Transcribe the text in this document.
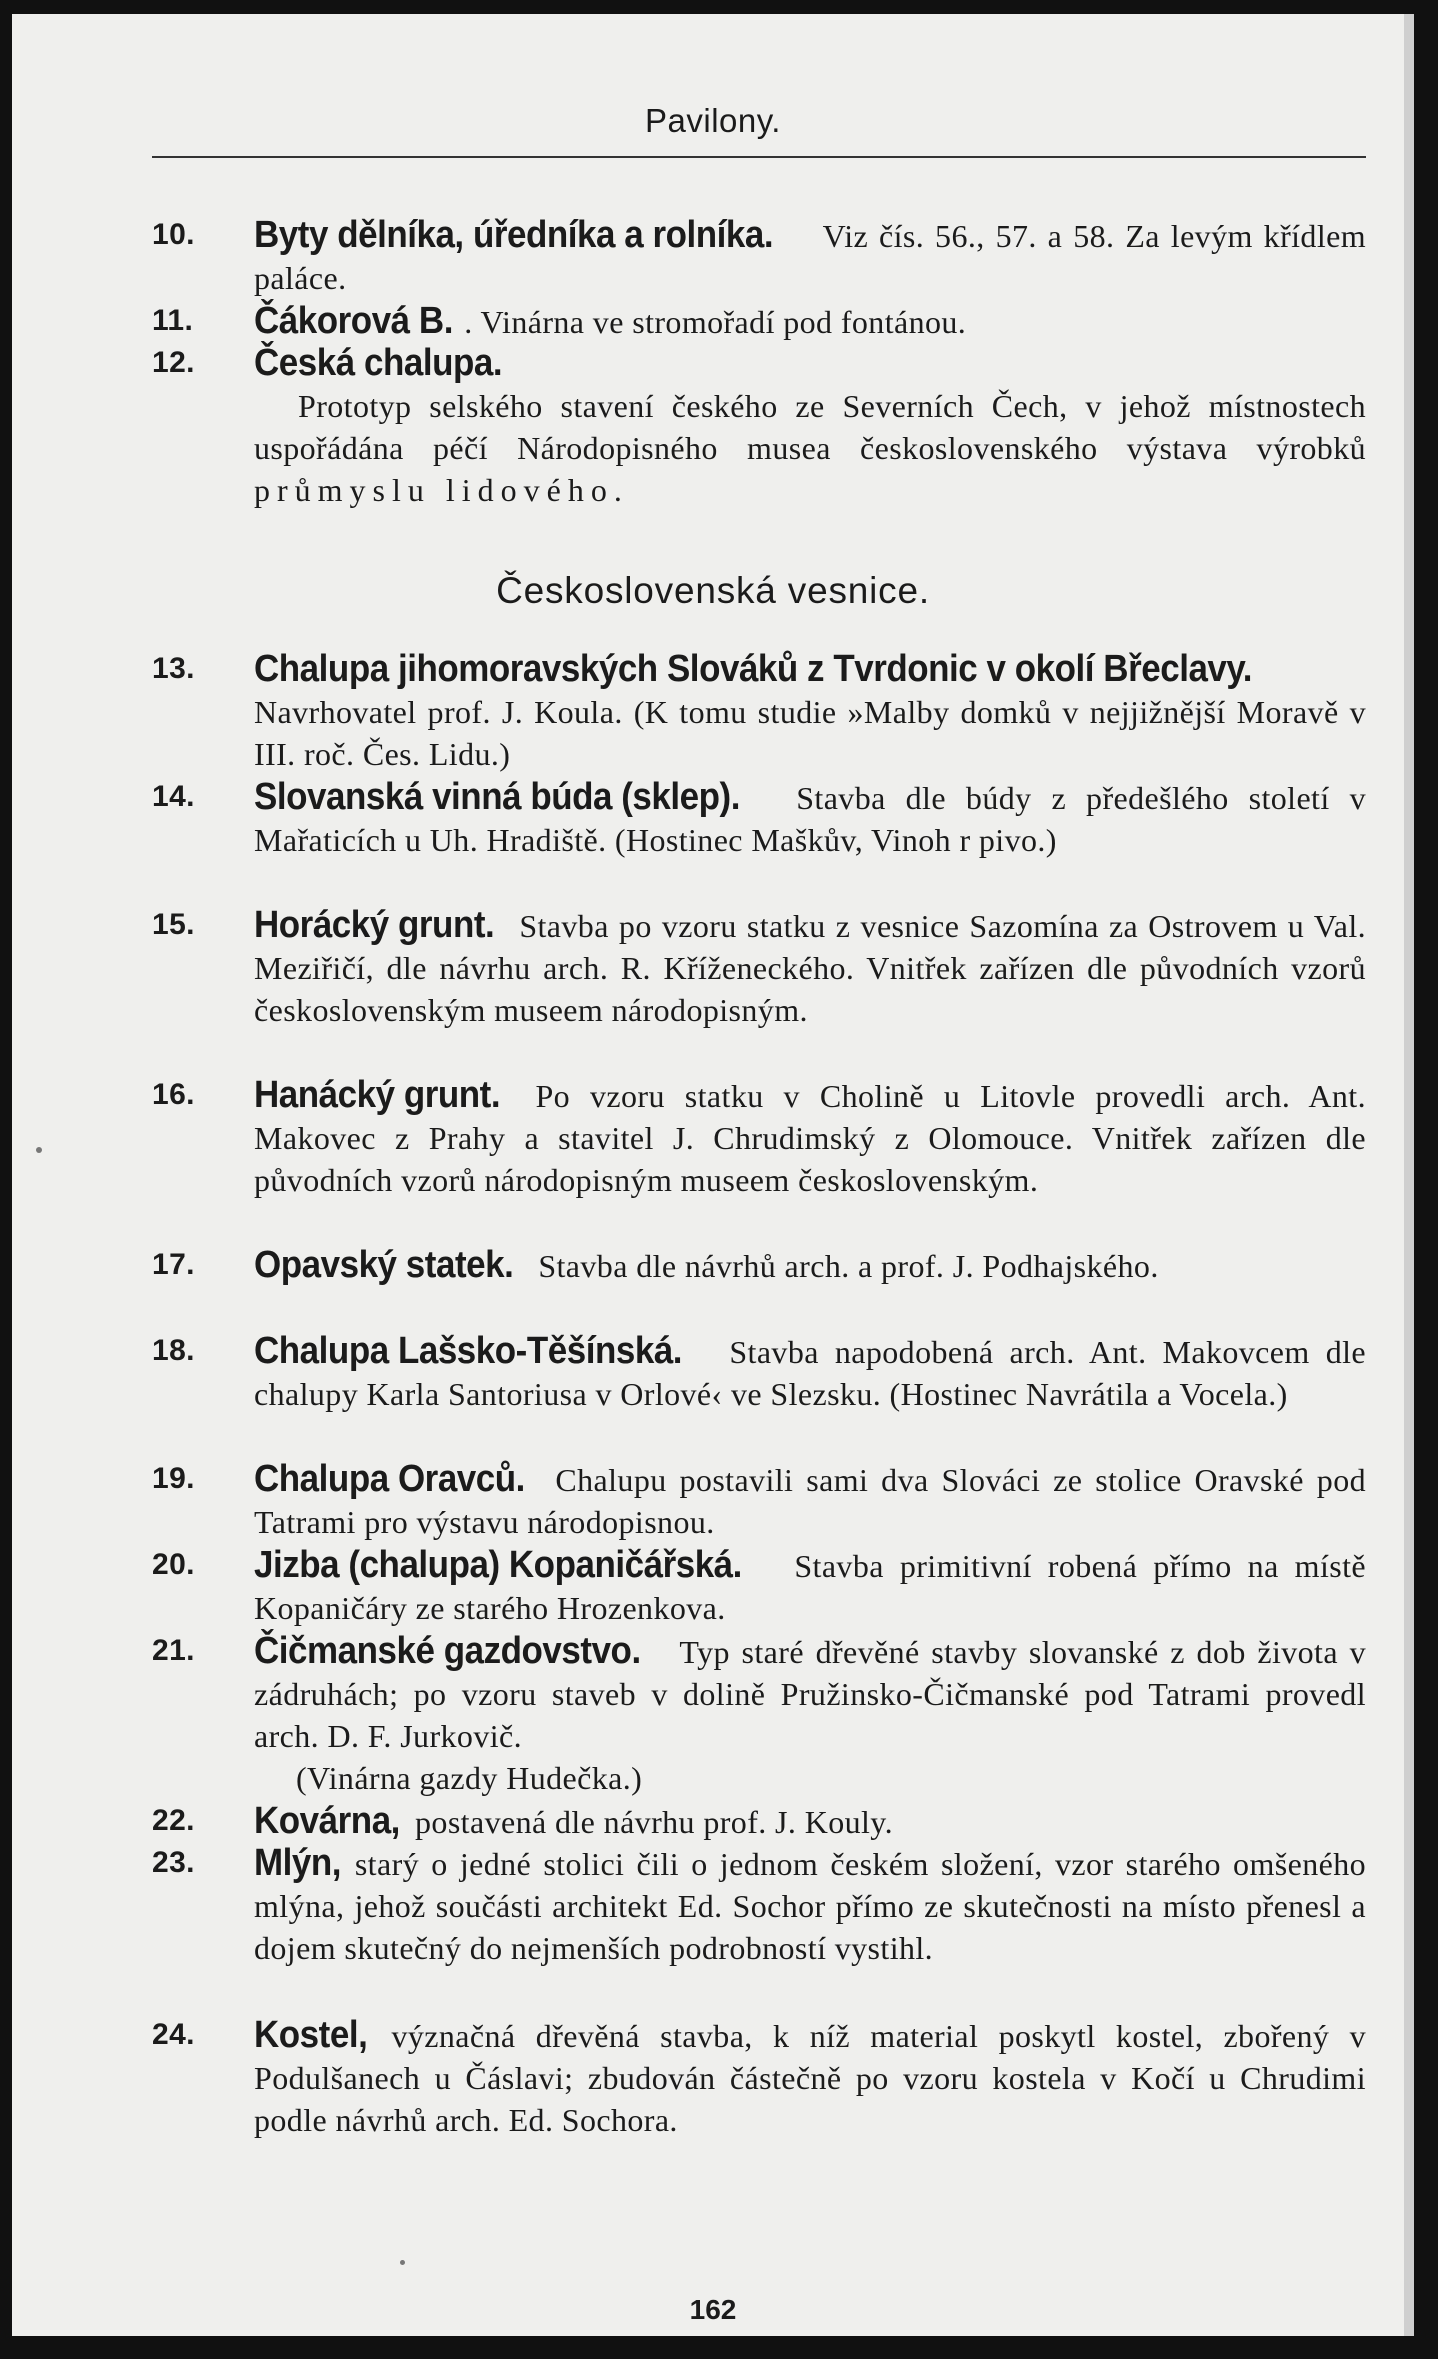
Pavilony.
10.	Byty dělníka, úředníka a rolníka. Viz čís. 56., 57. a 58. Za levým křídlem paláce.
11.	Čákorová B. . Vinárna ve stromořadí pod fontánou.
12.	Česká chalupa.
Prototyp selského stavení českého ze Severních Čech, v jehož místnostech uspořádána péčí Národopisného musea československého výstava výrobků průmyslu lidového.
Československá vesnice.
13.	Chalupa jihomoravských Slováků z Tvrdonic v okolí Břeclavy. Navrhovatel prof. J. Koula. (K tomu studie »Malby domků v nejjižnější Moravě v III. roč. Čes. Lidu.)
14.	Slovanská vinná búda (sklep). Stavba dle búdy z předešlého století v Mařaticích u Uh. Hradiště. (Hostinec Maškův, Vinoh r pivo.)
15.	Horácký grunt. Stavba po vzoru statku z vesnice Sazomína za Ostrovem u Val. Meziřičí, dle návrhu arch. R. Kříženeckého. Vnitřek zařízen dle původních vzorů československým museem národopisným.
16.	Hanácký grunt. Po vzoru statku v Cholině u Litovle provedli arch. Ant. Makovec z Prahy a stavitel J. Chrudimský z Olomouce. Vnitřek zařízen dle původních vzorů národopisným museem československým.
17.	Opavský statek. Stavba dle návrhů arch. a prof. J. Podhajského.
18.	Chalupa Lašsko-Těšínská. Stavba napodobená arch. Ant. Makovcem dle chalupy Karla Santoriusa v Orlové‹ ve Slezsku. (Hostinec Navrátila a Vocela.)
19.	Chalupa Oravců. Chalupu postavili sami dva Slováci ze stolice Oravské pod Tatrami pro výstavu národopisnou.
20.	Jizba (chalupa) Kopaničářská. Stavba primitivní robená přímo na místě Kopaničáry ze starého Hrozenkova.
21.	Čičmanské gazdovstvo. Typ staré dřevěné stavby slovanské z dob života v zádruhách; po vzoru staveb v dolině Pružinsko-Čičmanské pod Tatrami provedl arch. D. F. Jurkovič.
(Vinárna gazdy Hudečka.)
22.	Kovárna, postavená dle návrhu prof. J. Kouly.
23.	Mlýn, starý o jedné stolici čili o jednom českém složení, vzor starého omšeného mlýna, jehož součásti architekt Ed. Sochor přímo ze skutečnosti na místo přenesl a dojem skutečný do nejmenších podrobností vystihl.
24.	Kostel, význačná dřevěná stavba, k níž material poskytl kostel, zbořený v Podulšanech u Čáslavi; zbudován částečně po vzoru kostela v Kočí u Chrudimi podle návrhů arch. Ed. Sochora.
162
